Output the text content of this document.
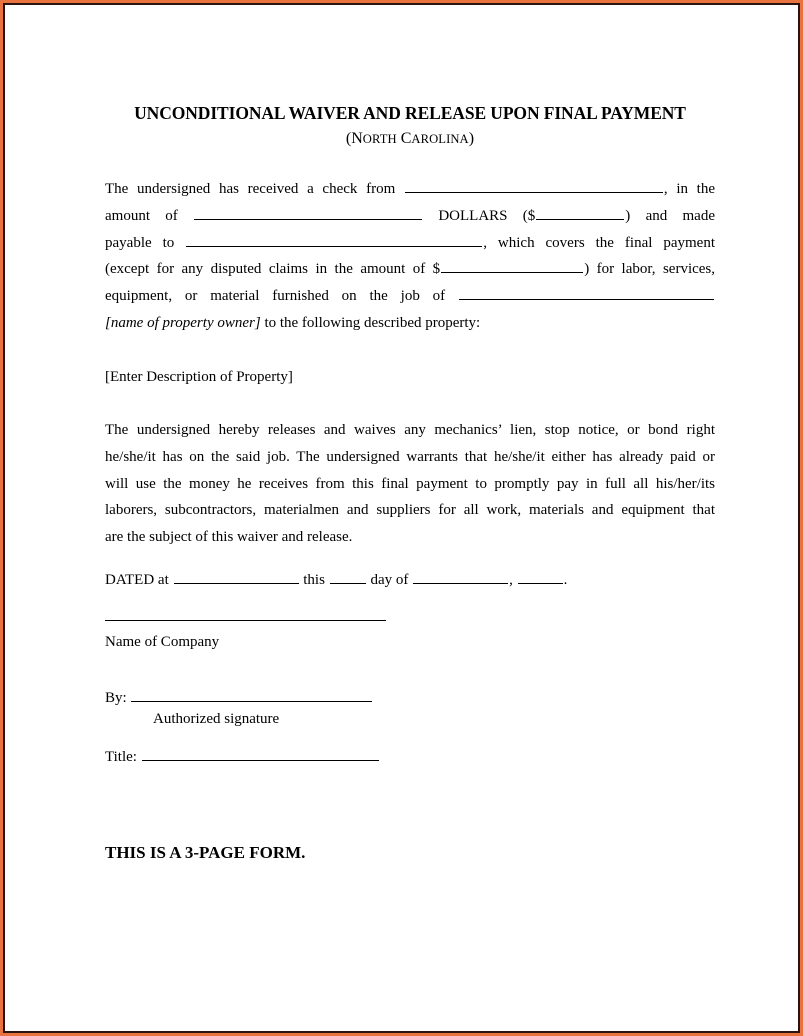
UNCONDITIONAL WAIVER AND RELEASE UPON FINAL PAYMENT
(NORTH CAROLINA)
The undersigned has received a check from	, in the
amount of	DOLLARS ($	) and made
payable to	, which covers the final payment
(except for any disputed claims in the amount of $	) for labor, services,
equipment, or material furnished on the job of
[name of property owner] to the following described property:
[Enter Description of Property]
The undersigned hereby releases and waives any mechanics’ lien, stop notice, or bond right
he/she/it has on the said job. The undersigned warrants that he/she/it either has already paid or
will use the money he receives from this final payment to promptly pay in full all his/her/its
laborers, subcontractors, materialmen and suppliers for all work, materials and equipment that
are the subject of this waiver and release.
DATED at	this	day of	,	.
Name of Company
By:
Authorized signature
Title:
THIS IS A 3-PAGE FORM.
